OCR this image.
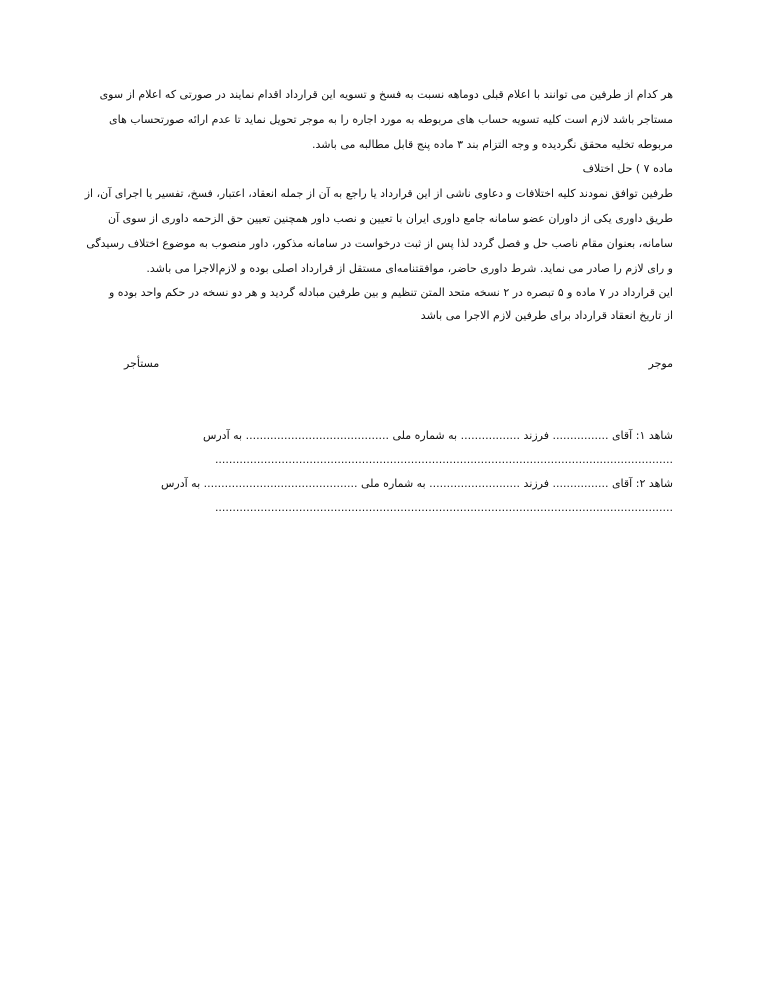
هر كدام از طرفين مى توانند با اعلام قبلى دوماهه نسبت به فسخ و تسويه اين قرارداد اقدام نمايند در صورتى كه اعلام از سوى
مستاجر باشد لازم است كليه تسويه حساب هاى مربوطه به مورد اجاره را به موجر تحويل نمايد تا عدم ارائه صورتحساب هاى
مربوطه تخليه محقق نگرديده و وجه التزام بند ٣ ماده پنج قابل مطالبه مى باشد.
ماده ٧ ) حل اختلاف
طرفين توافق نمودند كليه اختلافات و دعاوى ناشى از اين قرارداد يا راجع به آن از جمله انعقاد، اعتبار، فسخ، تفسير يا اجراى آن، از
طريق داورى يكى از داوران عضو سامانه جامع داورى ايران با تعيين و نصب داور همچنين تعيين حق الزحمه داورى از سوى آن
سامانه، بعنوان مقام ناصب حل و فصل گردد لذا پس از ثبت درخواست در سامانه مذكور، داور منصوب به موضوع اختلاف رسيدگى
و راى لازم را صادر مى نمايد. شرط داورى حاضر، موافقتنامه‌اى مستقل از قرارداد اصلى بوده و لازم‌الاجرا مى باشد.
اين قرارداد در ٧ ماده و ۵ تبصره در ٢ نسخه متحد المتن تنظيم و بين طرفين مبادله گرديد و هر دو نسخه در حكم واحد بوده و
از تاريخ انعقاد قرارداد براى طرفين لازم الاجرا مى باشد
موجر
مستأجر
شاهد ١: آقاى ................ فرزند ................. به شماره ملى ......................................... به آدرس
...................................................................................................................................
شاهد ٢: آقاى ................ فرزند .......................... به شماره ملى ............................................ به آدرس
...................................................................................................................................
